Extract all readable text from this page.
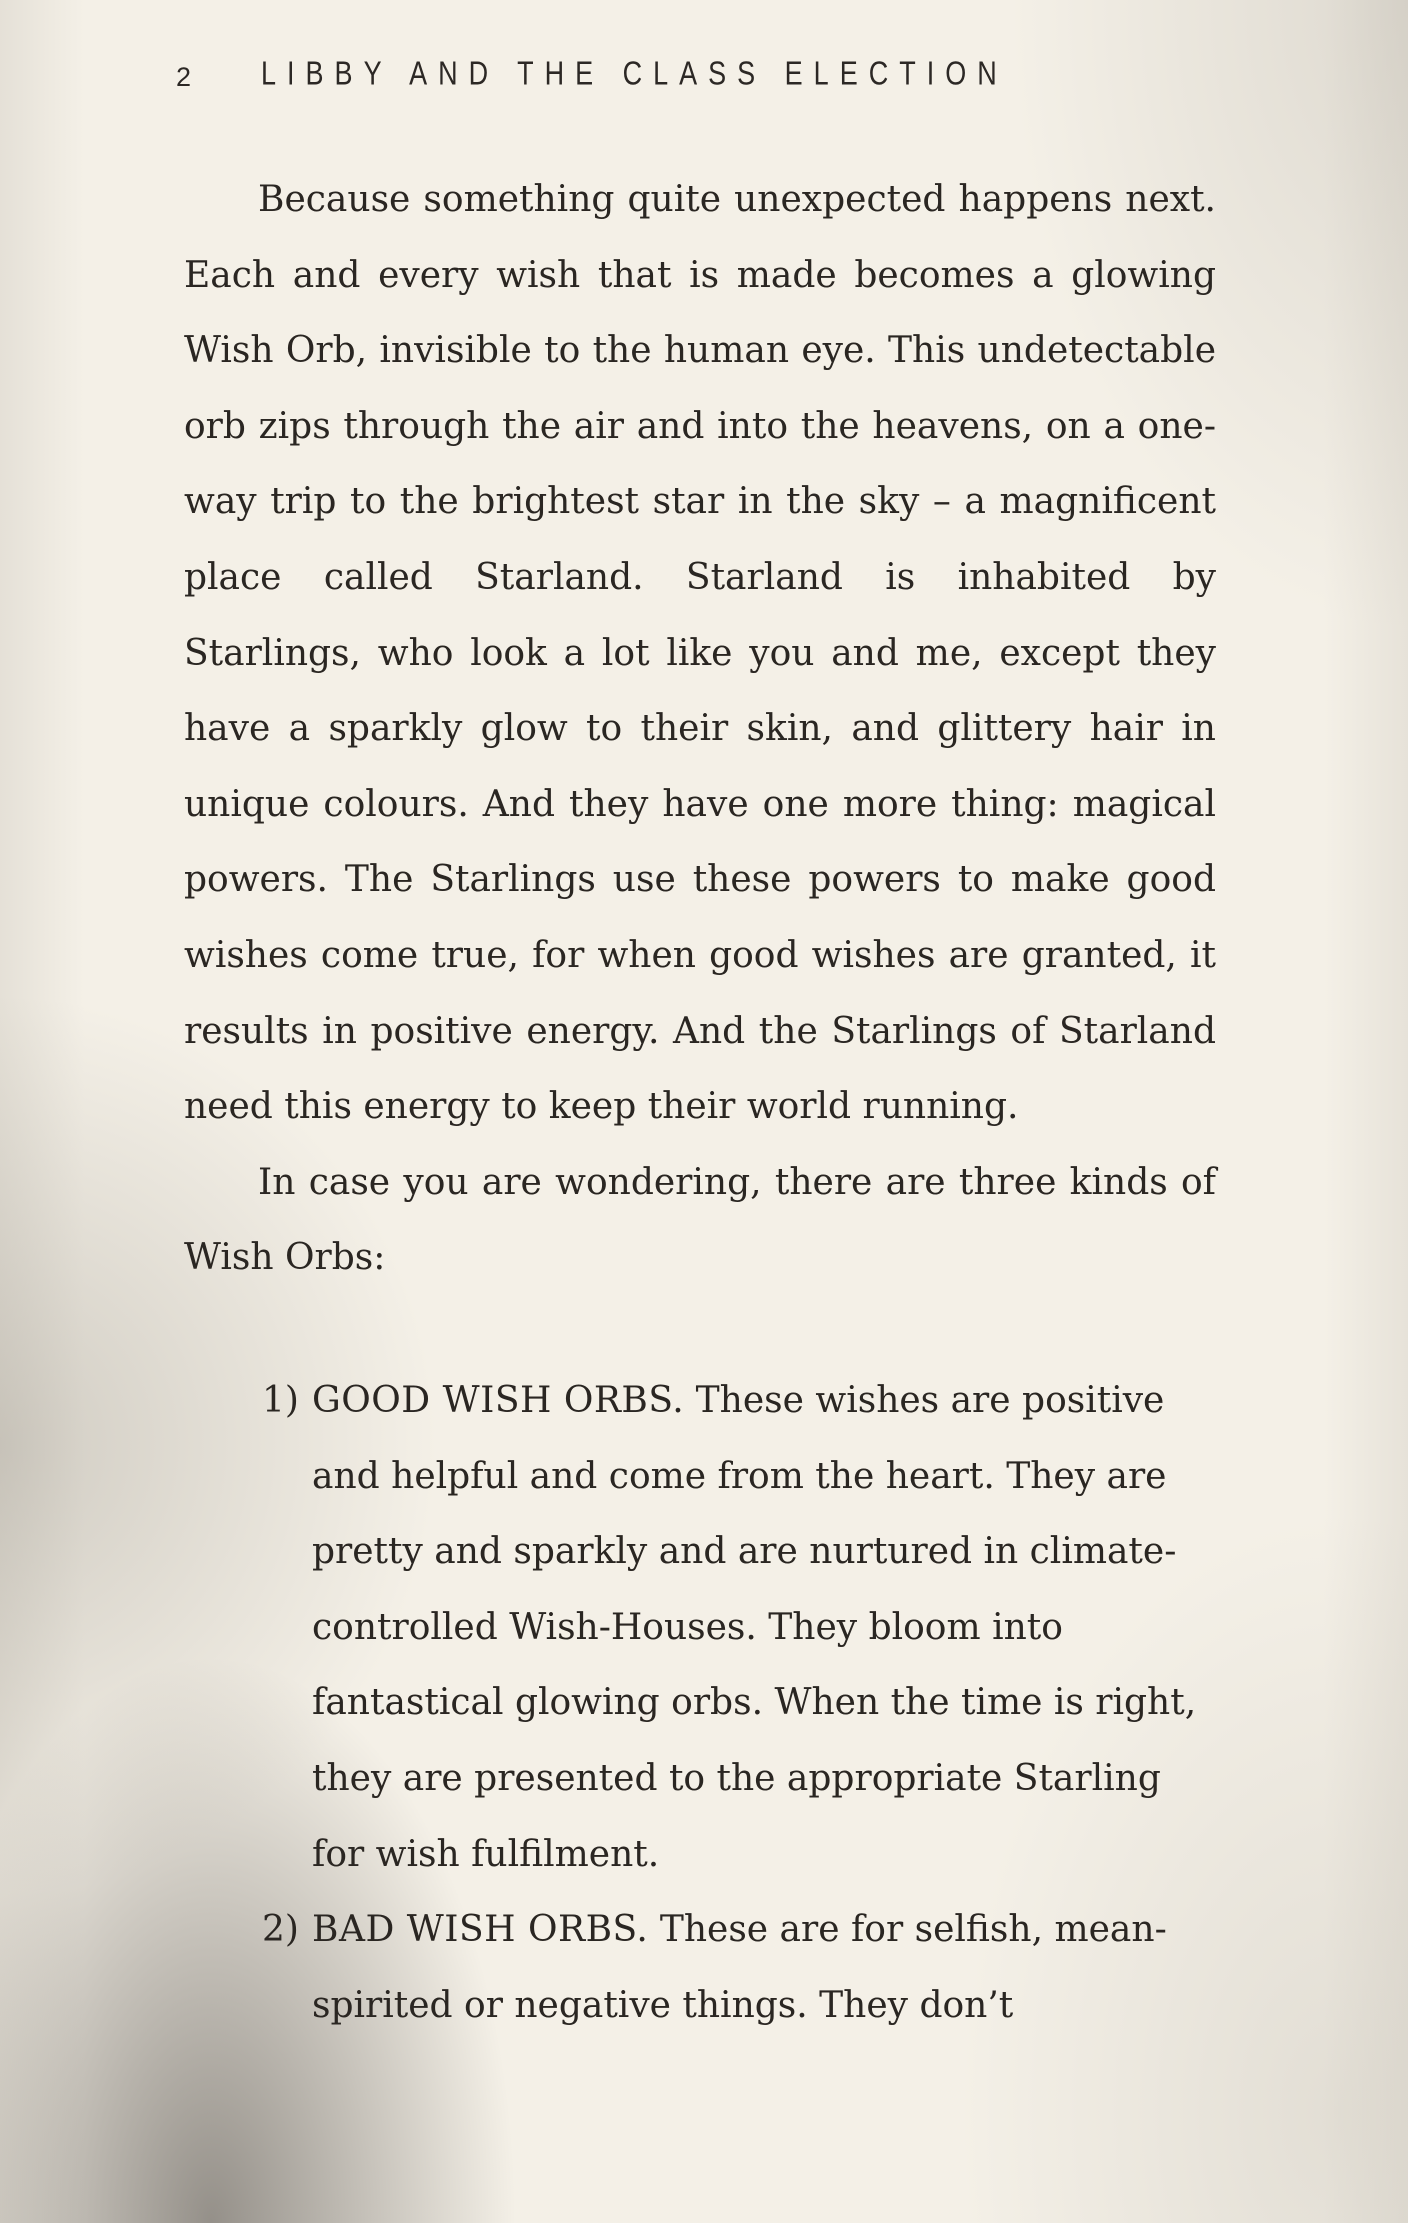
2	LIBBY AND THE CLASS ELECTION

Because something quite unexpected happens next. Each and every wish that is made becomes a glowing Wish Orb, invisible to the human eye. This undetectable orb zips through the air and into the heavens, on a one-way trip to the brightest star in the sky – a magnificent place called Starland. Starland is inhabited by Starlings, who look a lot like you and me, except they have a sparkly glow to their skin, and glittery hair in unique colours. And they have one more thing: magical powers. The Starlings use these powers to make good wishes come true, for when good wishes are granted, it results in positive energy. And the Starlings of Starland need this energy to keep their world running.

In case you are wondering, there are three kinds of Wish Orbs:

1) GOOD WISH ORBS. These wishes are positive and helpful and come from the heart. They are pretty and sparkly and are nurtured in climate-controlled Wish-Houses. They bloom into fantastical glowing orbs. When the time is right, they are presented to the appropriate Starling for wish fulfilment.
2) BAD WISH ORBS. These are for selfish, mean-spirited or negative things. They don’t
